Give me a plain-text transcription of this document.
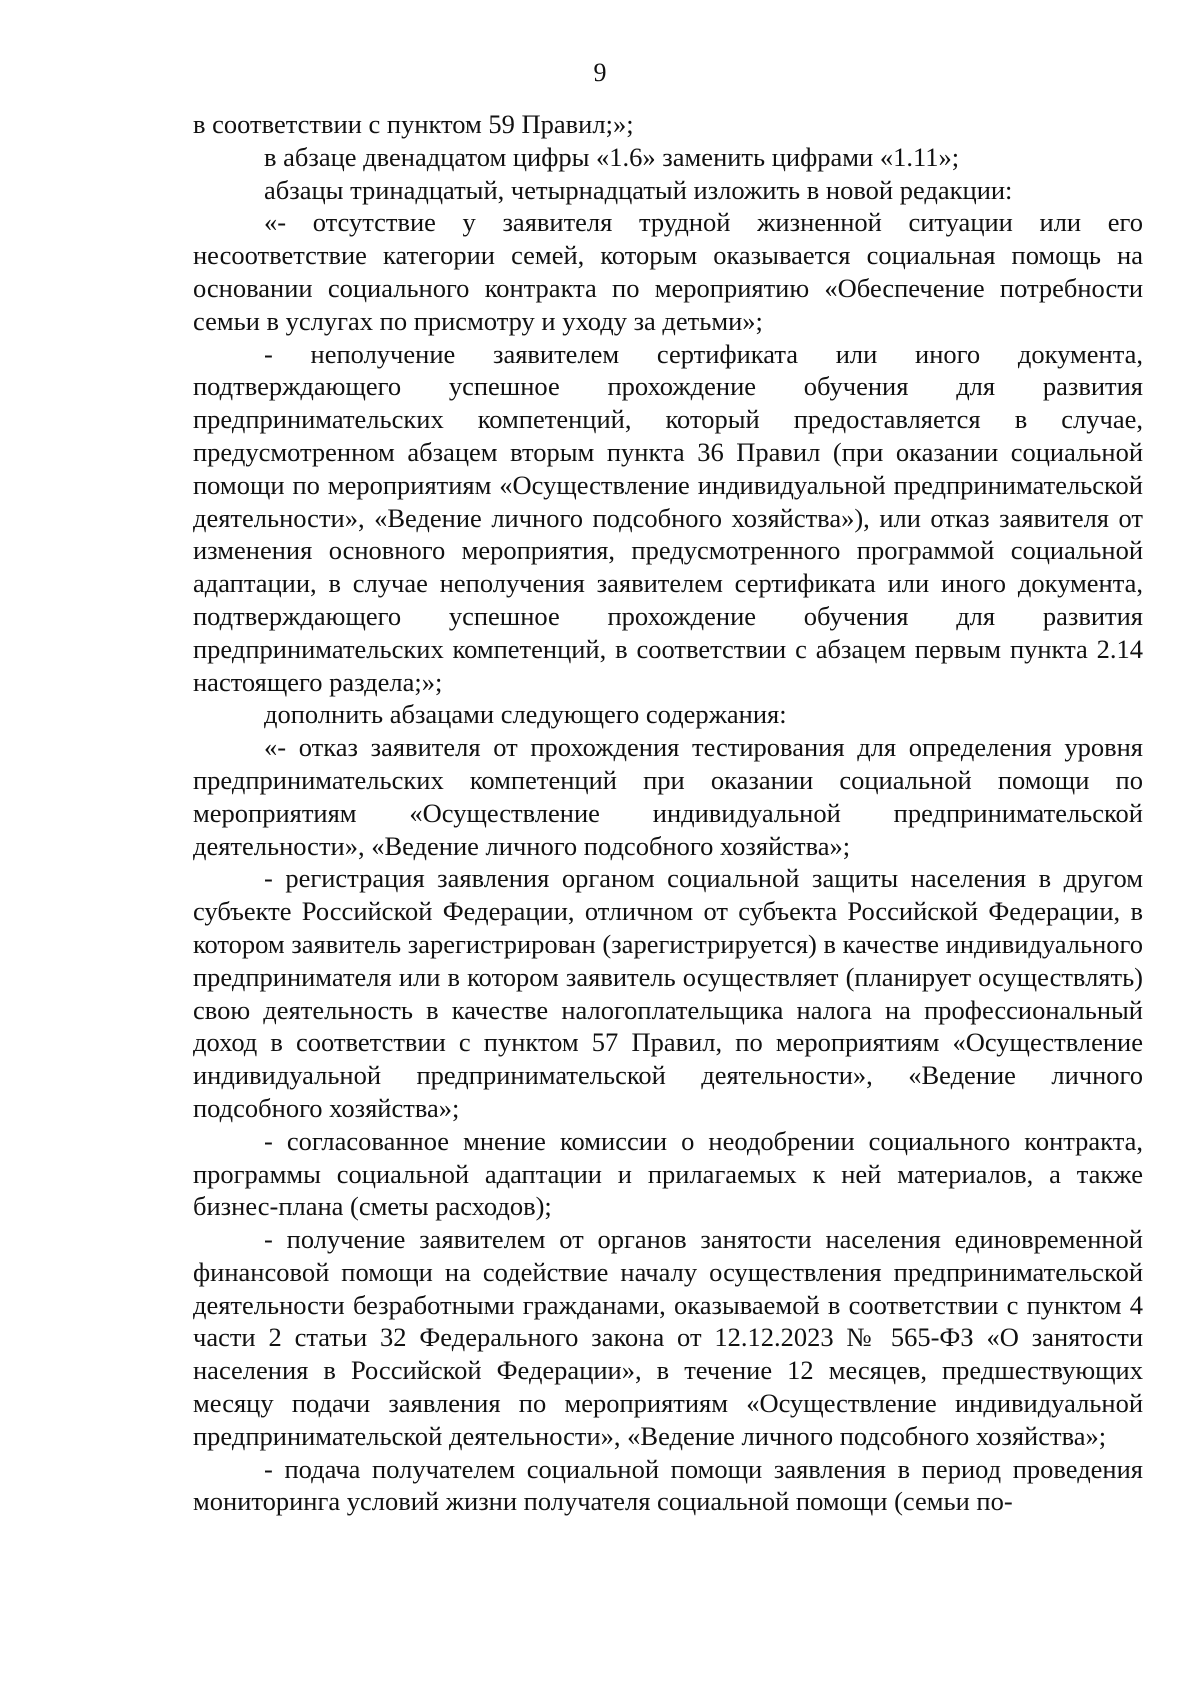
9

в соответствии с пунктом 59 Правил;»;

в абзаце двенадцатом цифры «1.6» заменить цифрами «1.11»;

абзацы тринадцатый, четырнадцатый изложить в новой редакции:

«- отсутствие у заявителя трудной жизненной ситуации или его несоответствие категории семей, которым оказывается социальная помощь на основании социального контракта по мероприятию «Обеспечение потребности семьи в услугах по присмотру и уходу за детьми»;

- неполучение заявителем сертификата или иного документа, подтверждающего успешное прохождение обучения для развития предпринимательских компетенций, который предоставляется в случае, предусмотренном абзацем вторым пункта 36 Правил (при оказании социальной помощи по мероприятиям «Осуществление индивидуальной предпринимательской деятельности», «Ведение личного подсобного хозяйства»), или отказ заявителя от изменения основного мероприятия, предусмотренного программой социальной адаптации, в случае неполучения заявителем сертификата или иного документа, подтверждающего успешное прохождение обучения для развития предпринимательских компетенций, в соответствии с абзацем первым пункта 2.14 настоящего раздела;»;

дополнить абзацами следующего содержания:

«- отказ заявителя от прохождения тестирования для определения уровня предпринимательских компетенций при оказании социальной помощи по мероприятиям «Осуществление индивидуальной предпринимательской деятельности», «Ведение личного подсобного хозяйства»;

- регистрация заявления органом социальной защиты населения в другом субъекте Российской Федерации, отличном от субъекта Российской Федерации, в котором заявитель зарегистрирован (зарегистрируется) в качестве индивидуального предпринимателя или в котором заявитель осуществляет (планирует осуществлять) свою деятельность в качестве налогоплательщика налога на профессиональный доход в соответствии с пунктом 57 Правил, по мероприятиям «Осуществление индивидуальной предпринимательской деятельности», «Ведение личного подсобного хозяйства»;

- согласованное мнение комиссии о неодобрении социального контракта, программы социальной адаптации и прилагаемых к ней материалов, а также бизнес-плана (сметы расходов);

- получение заявителем от органов занятости населения единовременной финансовой помощи на содействие началу осуществления предпринимательской деятельности безработными гражданами, оказываемой в соответствии с пунктом 4 части 2 статьи 32 Федерального закона от 12.12.2023 № 565-ФЗ «О занятости населения в Российской Федерации», в течение 12 месяцев, предшествующих месяцу подачи заявления по мероприятиям «Осуществление индивидуальной предпринимательской деятельности», «Ведение личного подсобного хозяйства»;

- подача получателем социальной помощи заявления в период проведения мониторинга условий жизни получателя социальной помощи (семьи по-
